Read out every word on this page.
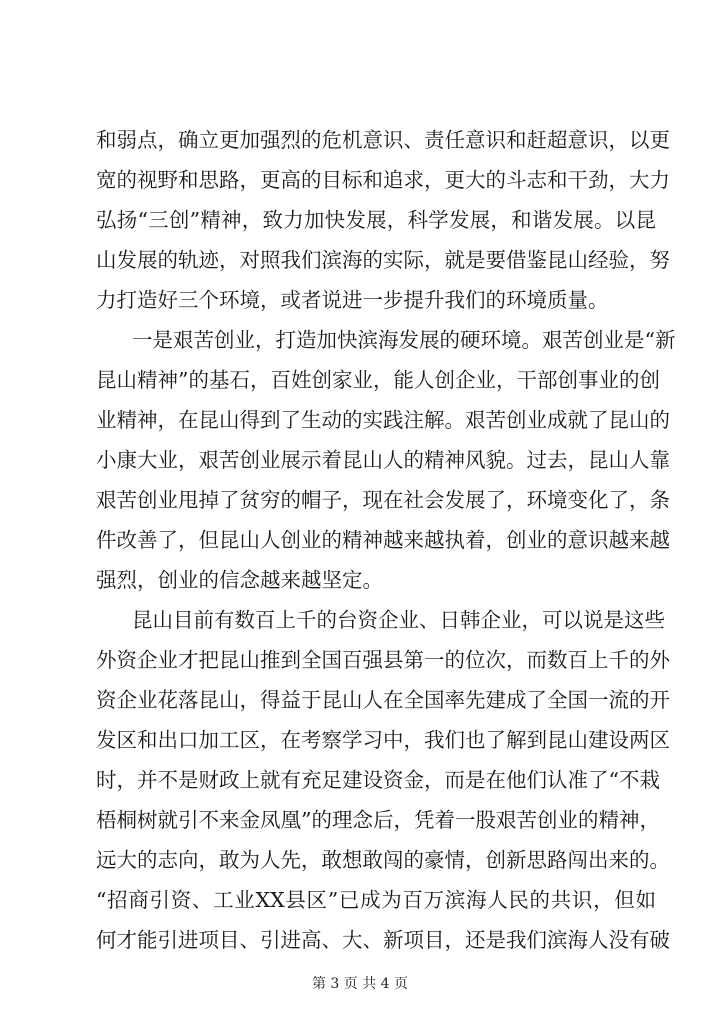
和弱点，确立更加强烈的危机意识、责任意识和赶超意识，以更
宽的视野和思路，更高的目标和追求，更大的斗志和干劲，大力
弘扬“三创”精神，致力加快发展，科学发展，和谐发展。以昆
山发展的轨迹，对照我们滨海的实际，就是要借鉴昆山经验，努
力打造好三个环境，或者说进一步提升我们的环境质量。
一是艰苦创业，打造加快滨海发展的硬环境。艰苦创业是“新
昆山精神”的基石，百姓创家业，能人创企业，干部创事业的创
业精神，在昆山得到了生动的实践注解。艰苦创业成就了昆山的
小康大业，艰苦创业展示着昆山人的精神风貌。过去，昆山人靠
艰苦创业甩掉了贫穷的帽子，现在社会发展了，环境变化了，条
件改善了，但昆山人创业的精神越来越执着，创业的意识越来越
强烈，创业的信念越来越坚定。
昆山目前有数百上千的台资企业、日韩企业，可以说是这些
外资企业才把昆山推到全国百强县第一的位次，而数百上千的外
资企业花落昆山，得益于昆山人在全国率先建成了全国一流的开
发区和出口加工区，在考察学习中，我们也了解到昆山建设两区
时，并不是财政上就有充足建设资金，而是在他们认准了“不栽
梧桐树就引不来金凤凰”的理念后，凭着一股艰苦创业的精神，
远大的志向，敢为人先，敢想敢闯的豪情，创新思路闯出来的。
“招商引资、工业XX县区”已成为百万滨海人民的共识，但如
何才能引进项目、引进高、大、新项目，还是我们滨海人没有破
第 3 页 共 4 页
